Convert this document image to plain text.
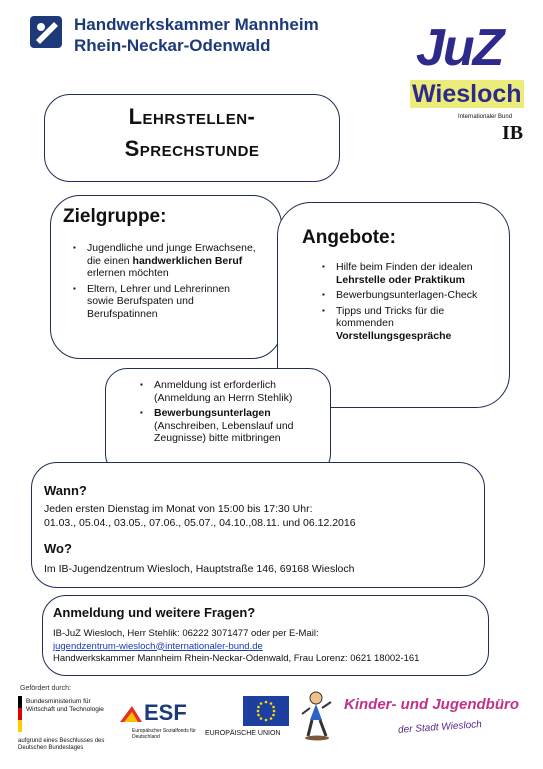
Handwerkskammer Mannheim
Rhein-Neckar-Odenwald	JuZ
Wiesloch
Internationaler Bund
IB
Lehrstellen-
Sprechstunde
Zielgruppe:
▪ Jugendliche und junge Erwachsene, die einen handwerklichen Beruf erlernen möchten
▪ Eltern, Lehrer und Lehrerinnen sowie Berufspaten und Berufspatinnen
Angebote:
▪ Hilfe beim Finden der idealen Lehrstelle oder Praktikum
▪ Bewerbungsunterlagen-Check
▪ Tipps und Tricks für die kommenden Vorstellungsgespräche
▪ Anmeldung ist erforderlich (Anmeldung an Herrn Stehlik)
▪ Bewerbungsunterlagen (Anschreiben, Lebenslauf und Zeugnisse) bitte mitbringen
Wann?
Jeden ersten Dienstag im Monat von 15:00 bis 17:30 Uhr:
01.03., 05.04., 03.05., 07.06., 05.07., 04.10.,08.11. und 06.12.2016
Wo?
Im IB-Jugendzentrum Wiesloch, Hauptstraße 146, 69168 Wiesloch
Anmeldung und weitere Fragen?
IB-JuZ Wiesloch, Herr Stehlik: 06222 3071477 oder per E-Mail:
jugendzentrum-wiesloch@internationaler-bund.de
Handwerkskammer Mannheim Rhein-Neckar-Odenwald, Frau Lorenz: 0621 18002-161
Gefördert durch:
Bundesministerium für Wirtschaft und Technologie
aufgrund eines Beschlusses des Deutschen Bundestages
ESF
Europäischer Sozialfonds für Deutschland	EUROPÄISCHE UNION
Kinder- und Jugendbüro
der Stadt Wiesloch
